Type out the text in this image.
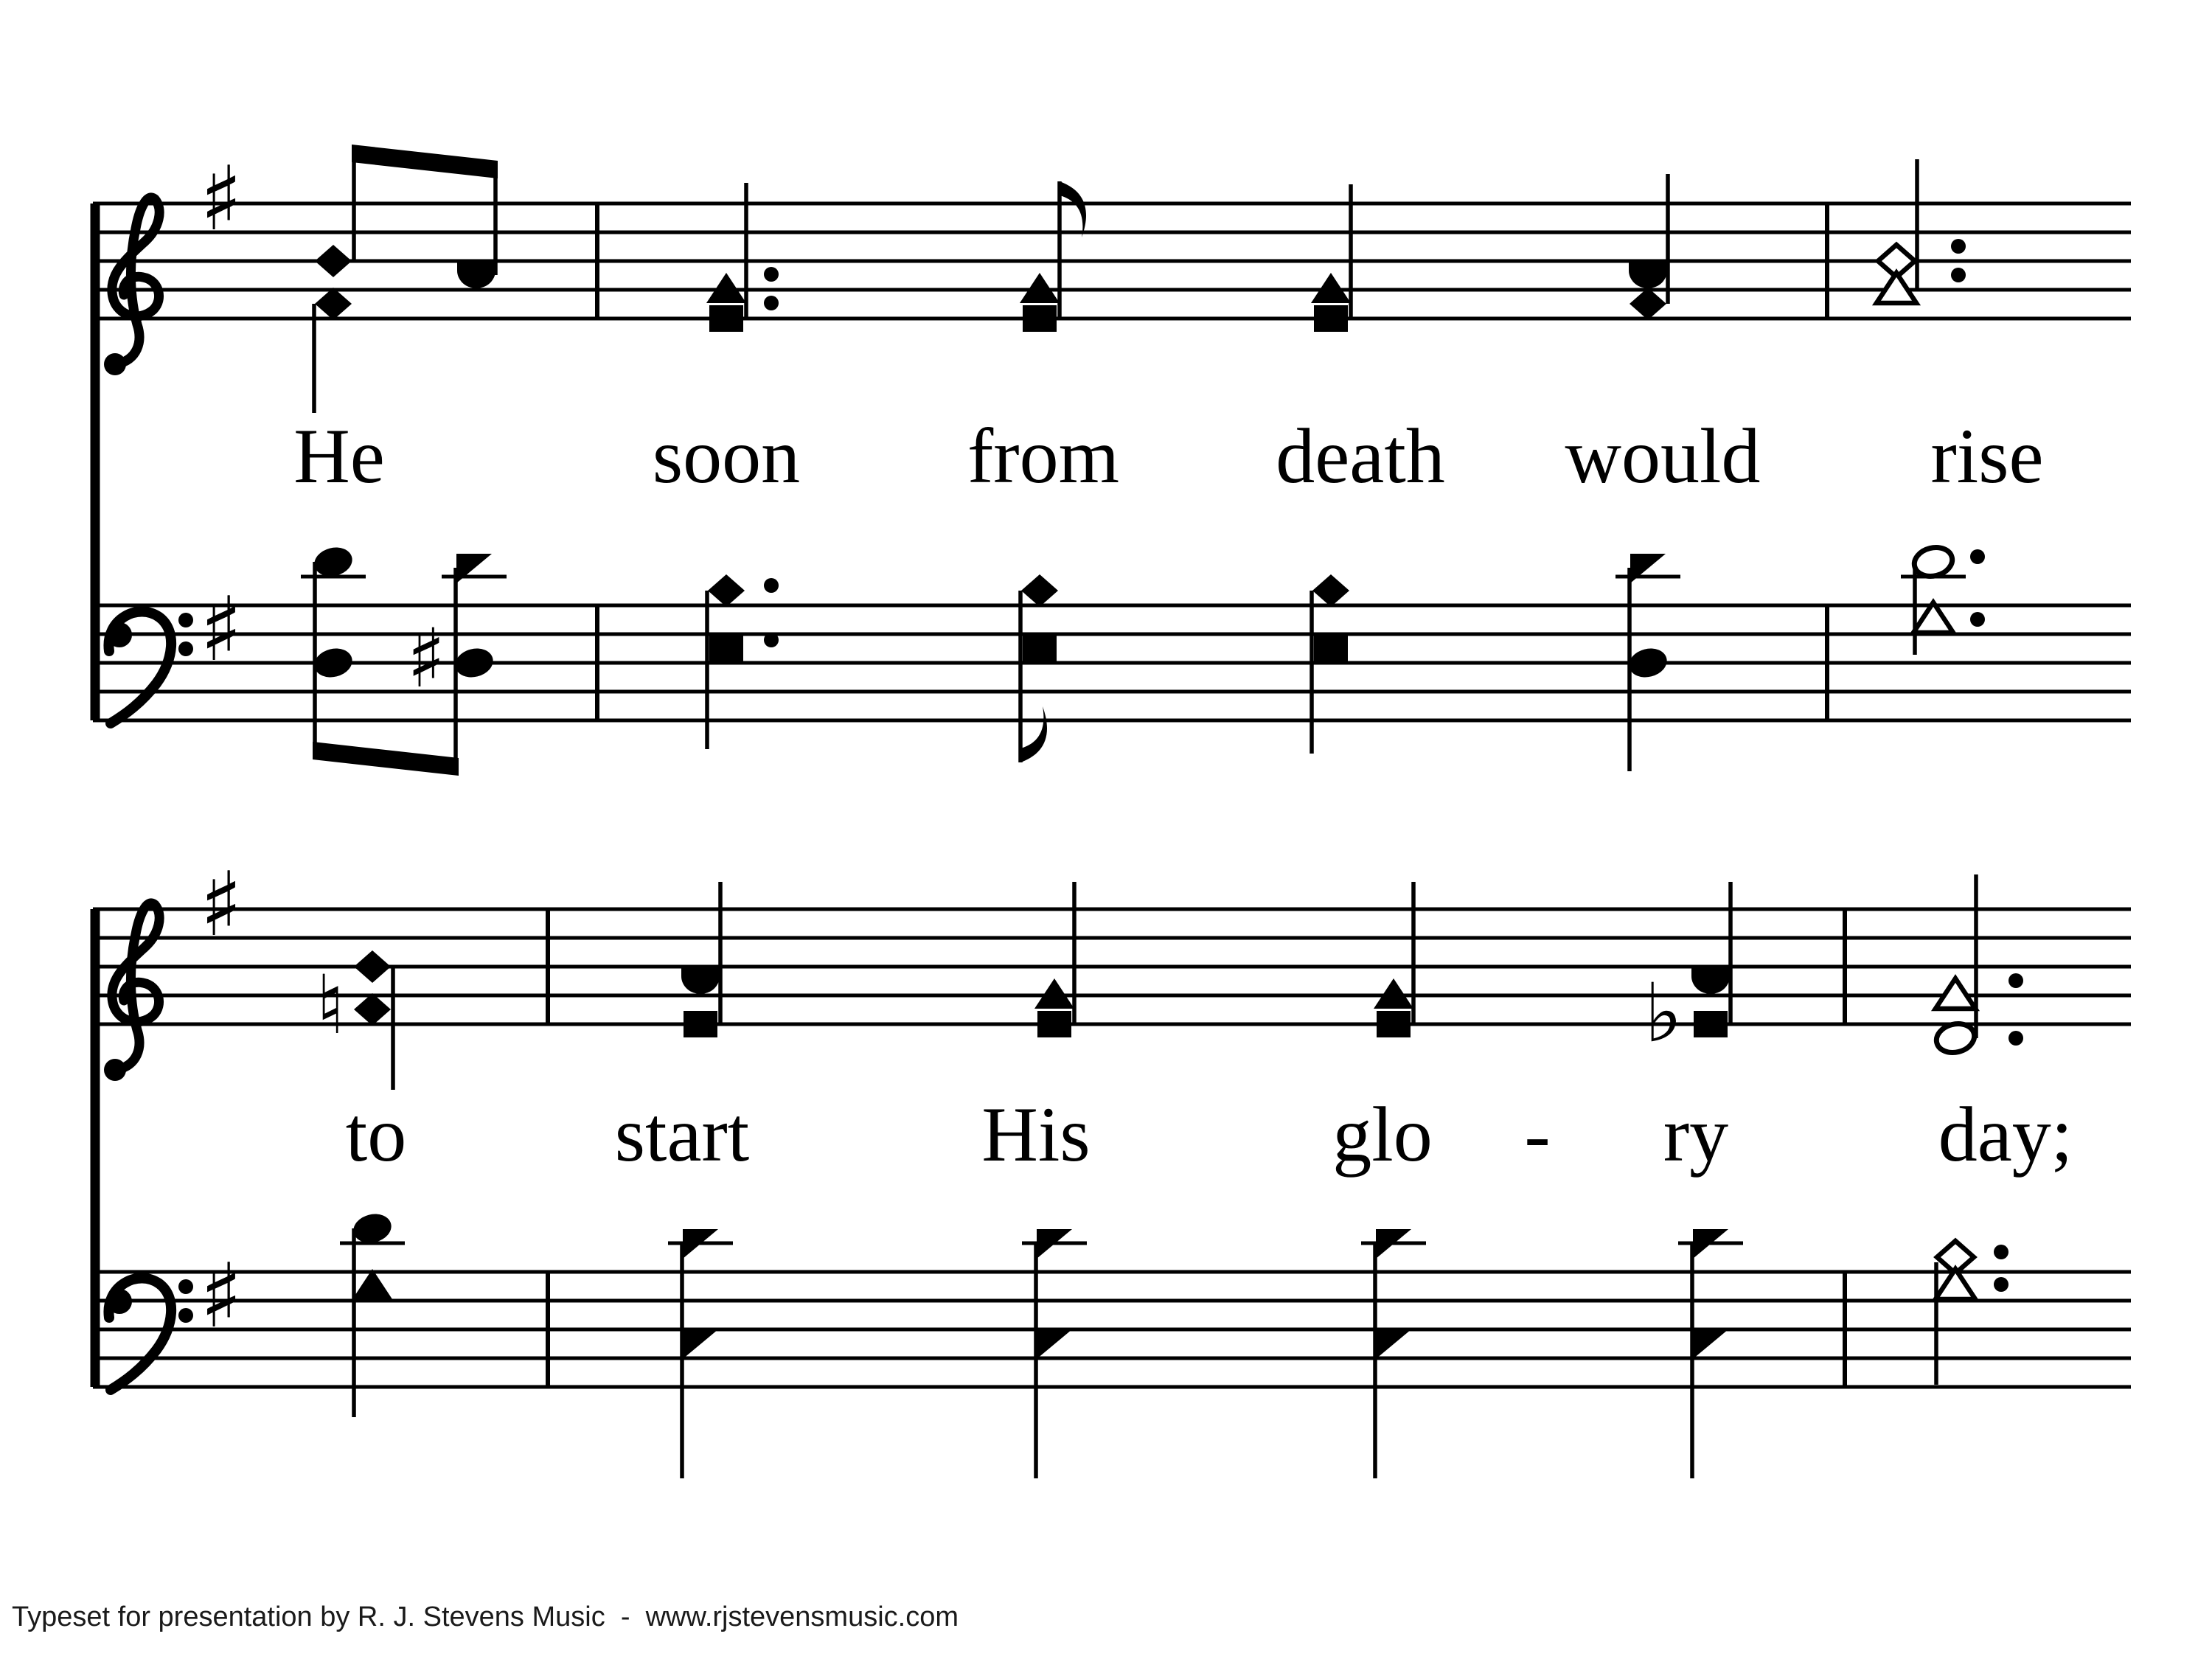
♯
♯ ♯
♯
♮	♭
♯
He	soon from death would rise
to	start	His	glo - ry	day;
Typeset for presentation by R. J. Stevens Music  -  www.rjstevensmusic.com
